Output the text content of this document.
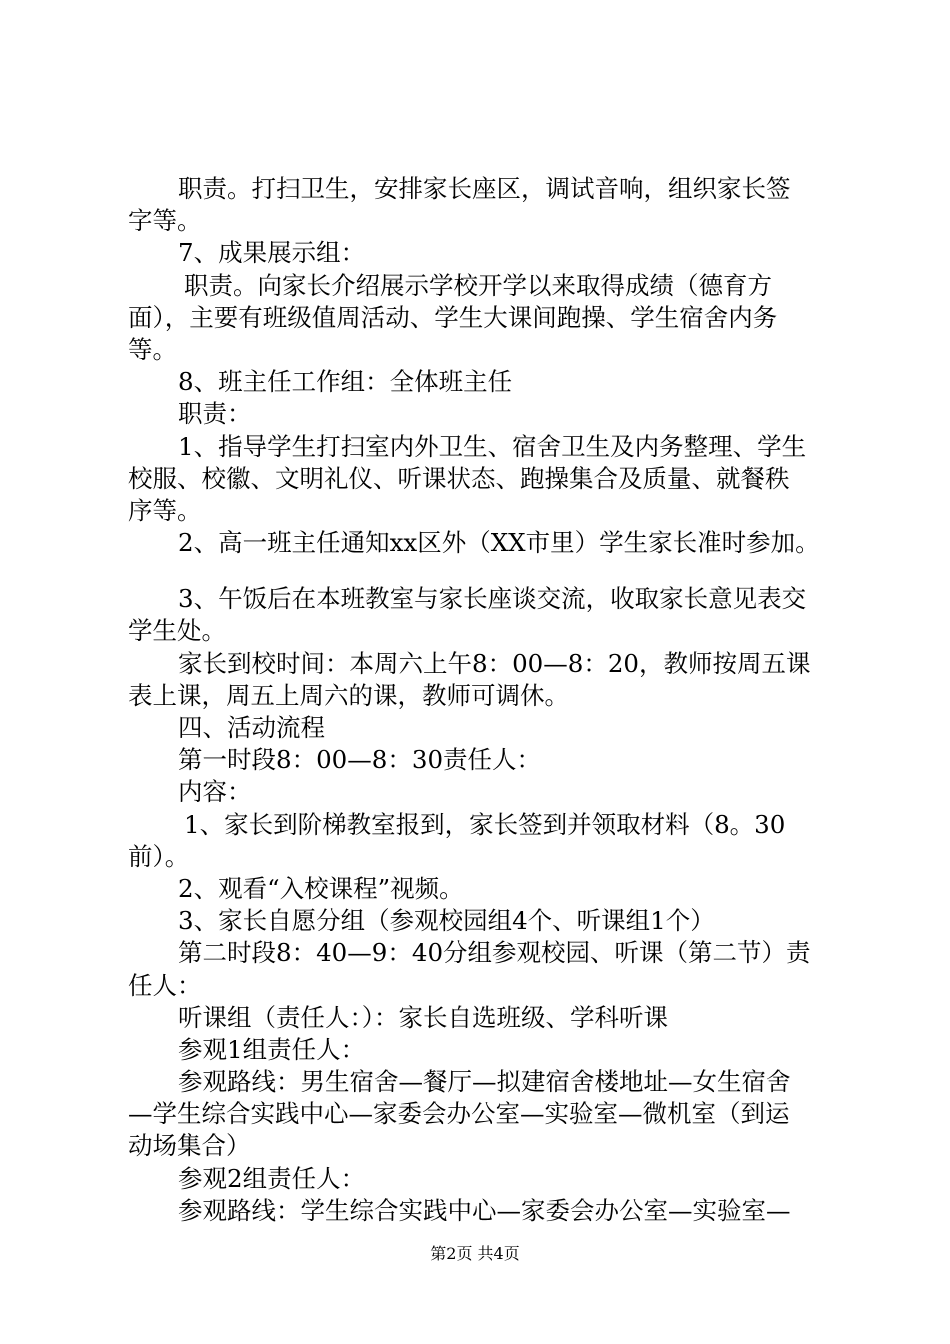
职责。打扫卫生，安排家长座区，调试音响，组织家长签
字等。
7、成果展示组：
职责。向家长介绍展示学校开学以来取得成绩（德育方
面），主要有班级值周活动、学生大课间跑操、学生宿舍内务
等。
8、班主任工作组：全体班主任
职责：
1、指导学生打扫室内外卫生、宿舍卫生及内务整理、学生
校服、校徽、文明礼仪、听课状态、跑操集合及质量、就餐秩
序等。
2、高一班主任通知xx区外（XX市里）学生家长准时参加。
3、午饭后在本班教室与家长座谈交流，收取家长意见表交
学生处。
家长到校时间：本周六上午8：00—8：20，教师按周五课
表上课，周五上周六的课，教师可调休。
四、活动流程
第一时段8：00—8：30责任人：
内容：
1、家长到阶梯教室报到，家长签到并领取材料（8。30
前）。
2、观看“入校课程”视频。
3、家长自愿分组（参观校园组4个、听课组1个）
第二时段8：40—9：40分组参观校园、听课（第二节）责
任人：
听课组（责任人：）：家长自选班级、学科听课
参观1组责任人：
参观路线：男生宿舍—餐厅—拟建宿舍楼地址—女生宿舍
—学生综合实践中心—家委会办公室—实验室—微机室（到运
动场集合）
参观2组责任人：
参观路线：学生综合实践中心—家委会办公室—实验室—
第2页 共4页
